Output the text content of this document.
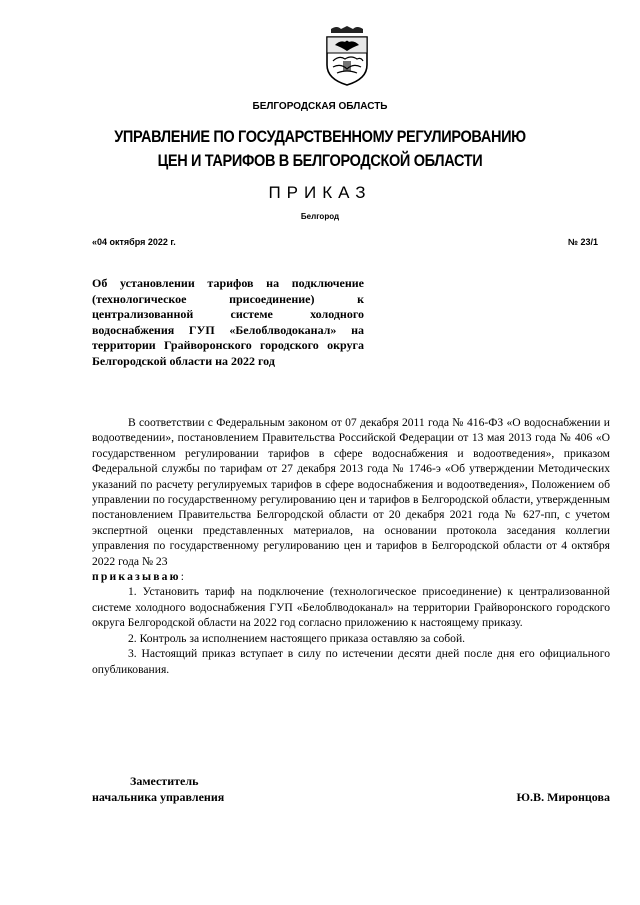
БЕЛГОРОДСКАЯ ОБЛАСТЬ
УПРАВЛЕНИЕ ПО ГОСУДАРСТВЕННОМУ РЕГУЛИРОВАНИЮ
ЦЕН И ТАРИФОВ В БЕЛГОРОДСКОЙ ОБЛАСТИ
ПРИКАЗ
Белгород
«04 октября 2022 г.	№ 23/1
Об установлении тарифов на подключение (технологическое присоединение) к централизованной системе холодного водоснабжения ГУП «Белоблводоканал» на территории Грайворонского городского округа Белгородской области на 2022 год

В соответствии с Федеральным законом от 07 декабря 2011 года № 416-ФЗ «О водоснабжении и водоотведении», постановлением Правительства Российской Федерации от 13 мая 2013 года № 406 «О государственном регулировании тарифов в сфере водоснабжения и водоотведения», приказом Федеральной службы по тарифам от 27 декабря 2013 года № 1746-э «Об утверждении Методических указаний по расчету регулируемых тарифов в сфере водоснабжения и водоотведения», Положением об управлении по государственному регулированию цен и тарифов в Белгородской области, утвержденным постановлением Правительства Белгородской области от 20 декабря 2021 года № 627-пп, с учетом экспертной оценки представленных материалов, на основании протокола заседания коллегии управления по государственному регулированию цен и тарифов в Белгородской области от 4 октября 2022 года № 23

приказываю:

1. Установить тариф на подключение (технологическое присоединение) к централизованной системе холодного водоснабжения ГУП «Белоблводоканал» на территории Грайворонского городского округа Белгородской области на 2022 год согласно приложению к настоящему приказу.

2. Контроль за исполнением настоящего приказа оставляю за собой.

3. Настоящий приказ вступает в силу по истечении десяти дней после дня его официального опубликования.

Заместитель
начальника управления	Ю.В. Миронцова
